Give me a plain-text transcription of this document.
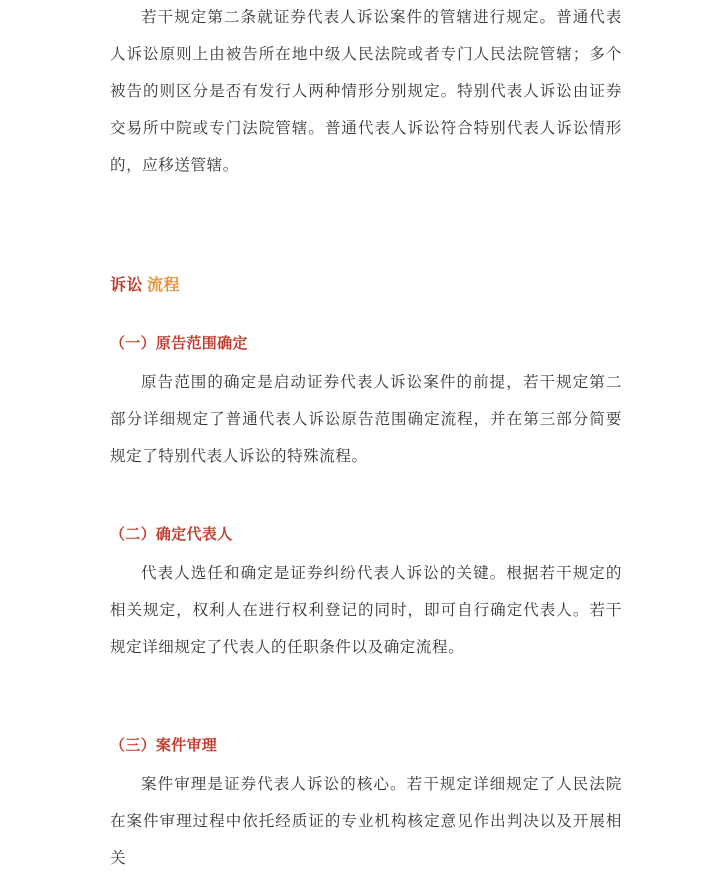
若干规定第二条就证券代表人诉讼案件的管辖进行规定。普通代表人诉讼原则上由被告所在地中级人民法院或者专门人民法院管辖；多个被告的则区分是否有发行人两种情形分别规定。特别代表人诉讼由证券交易所中院或专门法院管辖。普通代表人诉讼符合特别代表人诉讼情形的，应移送管辖。

诉讼 流程
（一）原告范围确定

原告范围的确定是启动证券代表人诉讼案件的前提，若干规定第二部分详细规定了普通代表人诉讼原告范围确定流程，并在第三部分简要规定了特别代表人诉讼的特殊流程。

（二）确定代表人

代表人选任和确定是证券纠纷代表人诉讼的关键。根据若干规定的相关规定，权利人在进行权利登记的同时，即可自行确定代表人。若干规定详细规定了代表人的任职条件以及确定流程。

（三）案件审理

案件审理是证券代表人诉讼的核心。若干规定详细规定了人民法院在案件审理过程中依托经质证的专业机构核定意见作出判决以及开展相关
